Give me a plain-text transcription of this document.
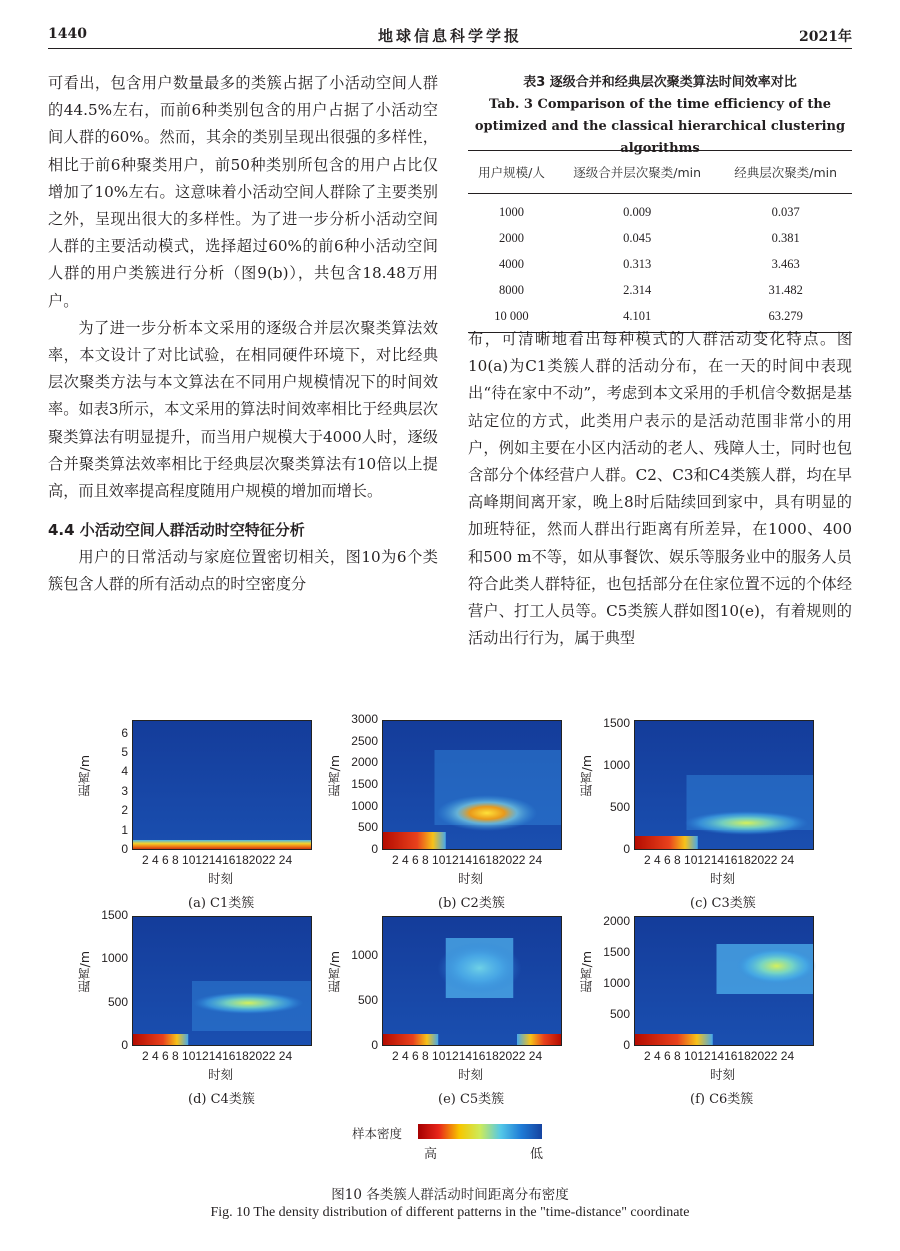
1440	地球信息科学学报	2021年

可看出，包含用户数量最多的类簇占据了小活动空间人群的44.5%左右，而前6种类别包含的用户占据了小活动空间人群的60%。然而，其余的类别呈现出很强的多样性，相比于前6种聚类用户，前50种类别所包含的用户占比仅增加了10%左右。这意味着小活动空间人群除了主要类别之外，呈现出很大的多样性。为了进一步分析小活动空间人群的主要活动模式，选择超过60%的前6种小活动空间人群的用户类簇进行分析（图9(b)），共包含18.48万用户。

为了进一步分析本文采用的逐级合并层次聚类算法效率，本文设计了对比试验，在相同硬件环境下，对比经典层次聚类方法与本文算法在不同用户规模情况下的时间效率。如表3所示，本文采用的算法时间效率相比于经典层次聚类算法有明显提升，而当用户规模大于4000人时，逐级合并聚类算法效率相比于经典层次聚类算法有10倍以上提高，而且效率提高程度随用户规模的增加而增长。

4.4 小活动空间人群活动时空特征分析

用户的日常活动与家庭位置密切相关，图10为6个类簇包含人群的所有活动点的时空密度分

表3 逐级合并和经典层次聚类算法时间效率对比
Tab. 3 Comparison of the time efficiency of the optimized and the classical hierarchical clustering algorithms
用户规模/人	逐级合并层次聚类/min	经典层次聚类/min
1000	0.009	0.037
2000	0.045	0.381
4000	0.313	3.463
8000	2.314	31.482
10 000	4.101	63.279

布，可清晰地看出每种模式的人群活动变化特点。图10(a)为C1类簇人群的活动分布，在一天的时间中表现出“待在家中不动”，考虑到本文采用的手机信令数据是基站定位的方式，此类用户表示的是活动范围非常小的用户，例如主要在小区内活动的老人、残障人士，同时也包含部分个体经营户人群。C2、C3和C4类簇人群，均在早高峰期间离开家，晚上8时后陆续回到家中，具有明显的加班特征，然而人群出行距离有所差异，在1000、400和500 m不等，如从事餐饮、娱乐等服务业中的服务人员符合此类人群特征，也包括部分在住家位置不远的个体经营户、打工人员等。C5类簇人群如图10(e)，有着规则的活动出行行为，属于典型

6
5
4
3
2
1
0
距离/m
2 4 6 8 10121416182022 24
时刻
(a) C1类簇
3000
2500
2000
1500
1000
500
0
距离/m
2 4 6 8 10121416182022 24
时刻
(b) C2类簇
1500
1000
500
0
距离/m
2 4 6 8 10121416182022 24
时刻
(c) C3类簇
1500
1000
500
0
距离/m
2 4 6 8 10121416182022 24
时刻
(d) C4类簇
1000
500
0
距离/m
2 4 6 8 10121416182022 24
时刻
(e) C5类簇
2000
1500
1000
500
0
距离/m
2 4 6 8 10121416182022 24
时刻
(f) C6类簇
样本密度
高	低
图10 各类簇人群活动时间距离分布密度
Fig. 10 The density distribution of different patterns in the "time-distance" coordinate
